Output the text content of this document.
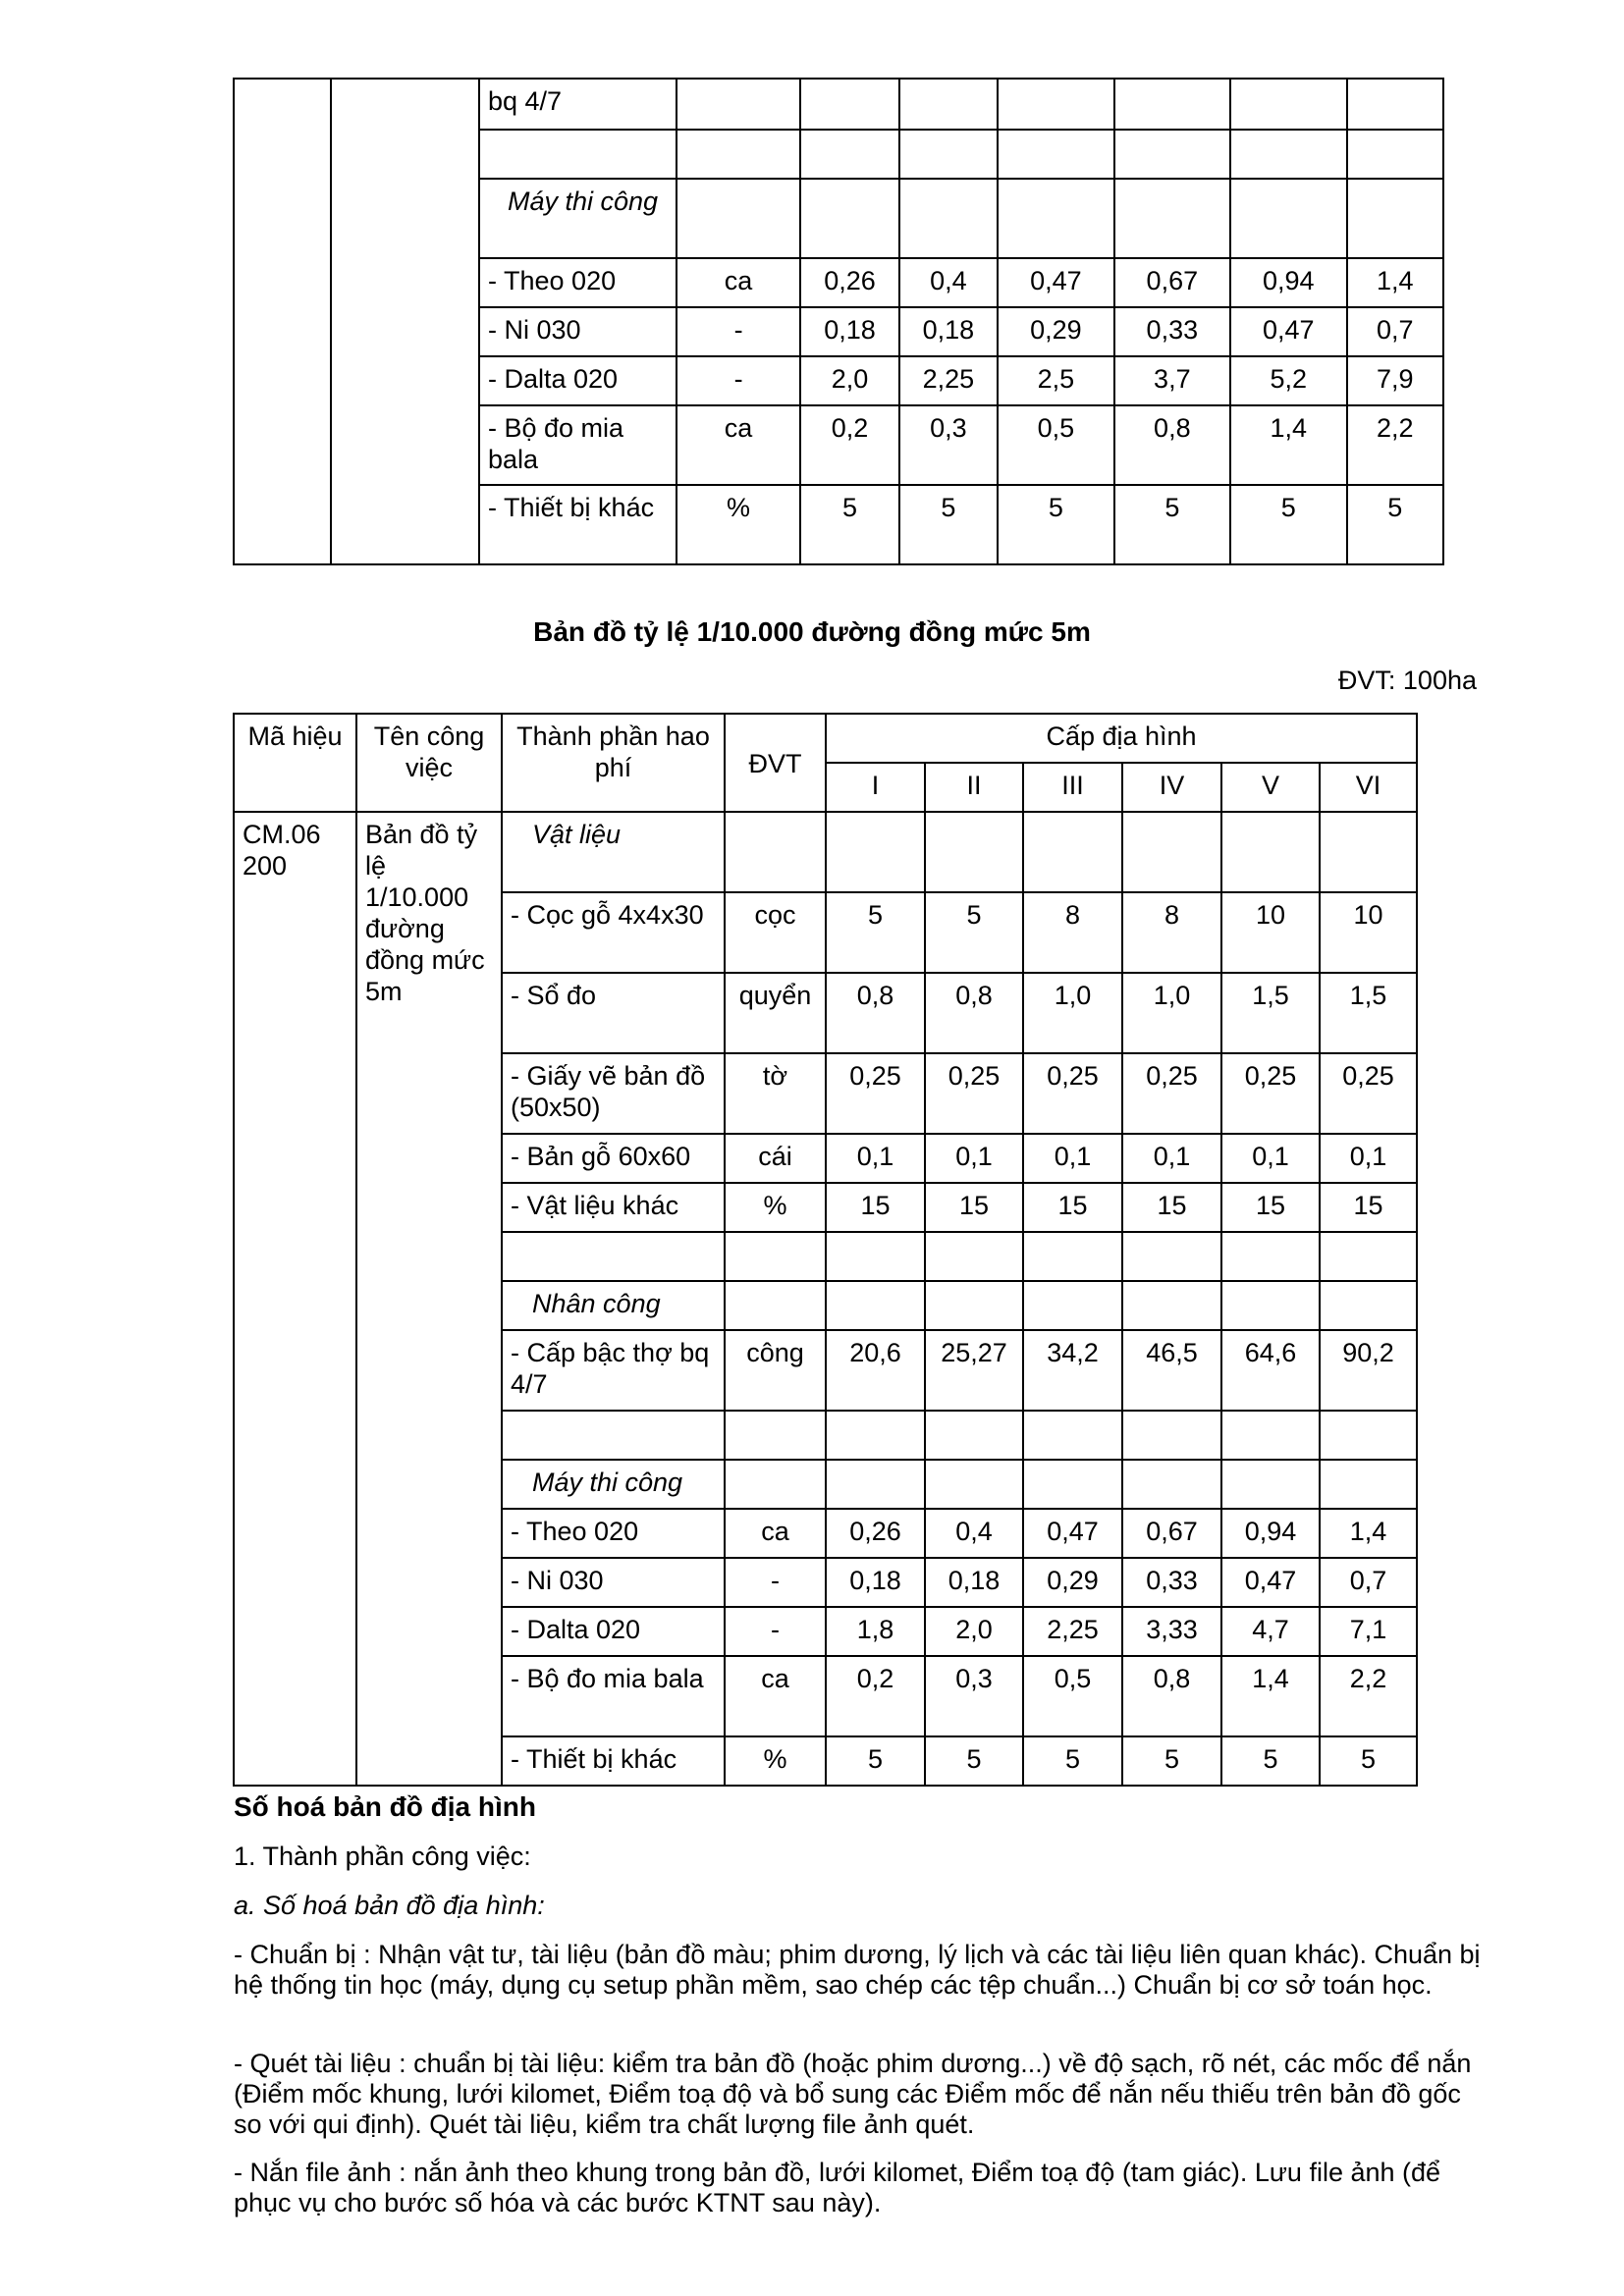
		bq 4/7							

		Máy thi công							
		- Theo 020	ca	0,26	0,4	0,47	0,67	0,94	1,4
		- Ni 030	-	0,18	0,18	0,29	0,33	0,47	0,7
		- Dalta 020	-	2,0	2,25	2,5	3,7	5,2	7,9
		- Bộ đo mia bala	ca	0,2	0,3	0,5	0,8	1,4	2,2
		- Thiết bị khác	%	5	5	5	5	5	5
Bản đồ tỷ lệ 1/10.000 đường đồng mức 5m
ĐVT: 100ha
Mã hiệu	Tên công việc	Thành phần hao phí	ĐVT	Cấp địa hình					
				I	II	III	IV	V	VI
CM.06 200	Bản đồ tỷ lệ 1/10.000 đường đồng mức 5m	Vật liệu							
		- Cọc gỗ 4x4x30	cọc	5	5	8	8	10	10
		- Sổ đo	quyển	0,8	0,8	1,0	1,0	1,5	1,5
		- Giấy vẽ bản đồ (50x50)	tờ	0,25	0,25	0,25	0,25	0,25	0,25
		- Bản gỗ 60x60	cái	0,1	0,1	0,1	0,1	0,1	0,1
		- Vật liệu khác	%	15	15	15	15	15	15

		Nhân công							
		- Cấp bậc thợ bq 4/7	công	20,6	25,27	34,2	46,5	64,6	90,2

		Máy thi công							
		- Theo 020	ca	0,26	0,4	0,47	0,67	0,94	1,4
		- Ni 030	-	0,18	0,18	0,29	0,33	0,47	0,7
		- Dalta 020	-	1,8	2,0	2,25	3,33	4,7	7,1
		- Bộ đo mia bala	ca	0,2	0,3	0,5	0,8	1,4	2,2
		- Thiết bị khác	%	5	5	5	5	5	5
Số hoá bản đồ địa hình
1. Thành phần công việc:
a. Số hoá bản đồ địa hình:
- Chuẩn bị : Nhận vật tư, tài liệu (bản đồ màu; phim dương, lý lịch và các tài liệu liên quan khác). Chuẩn bị hệ thống tin học (máy, dụng cụ setup phần mềm, sao chép các tệp chuẩn...) Chuẩn bị cơ sở toán học.
- Quét tài liệu : chuẩn bị tài liệu: kiểm tra bản đồ (hoặc phim dương...) về độ sạch, rõ nét, các mốc để nắn (Điểm mốc khung, lưới kilomet, Điểm toạ độ và bổ sung các Điểm mốc để nắn nếu thiếu trên bản đồ gốc so với qui định). Quét tài liệu, kiểm tra chất lượng file ảnh quét.
- Nắn file ảnh : nắn ảnh theo khung trong bản đồ, lưới kilomet, Điểm toạ độ (tam giác). Lưu file ảnh (để phục vụ cho bước số hóa và các bước KTNT sau này).
